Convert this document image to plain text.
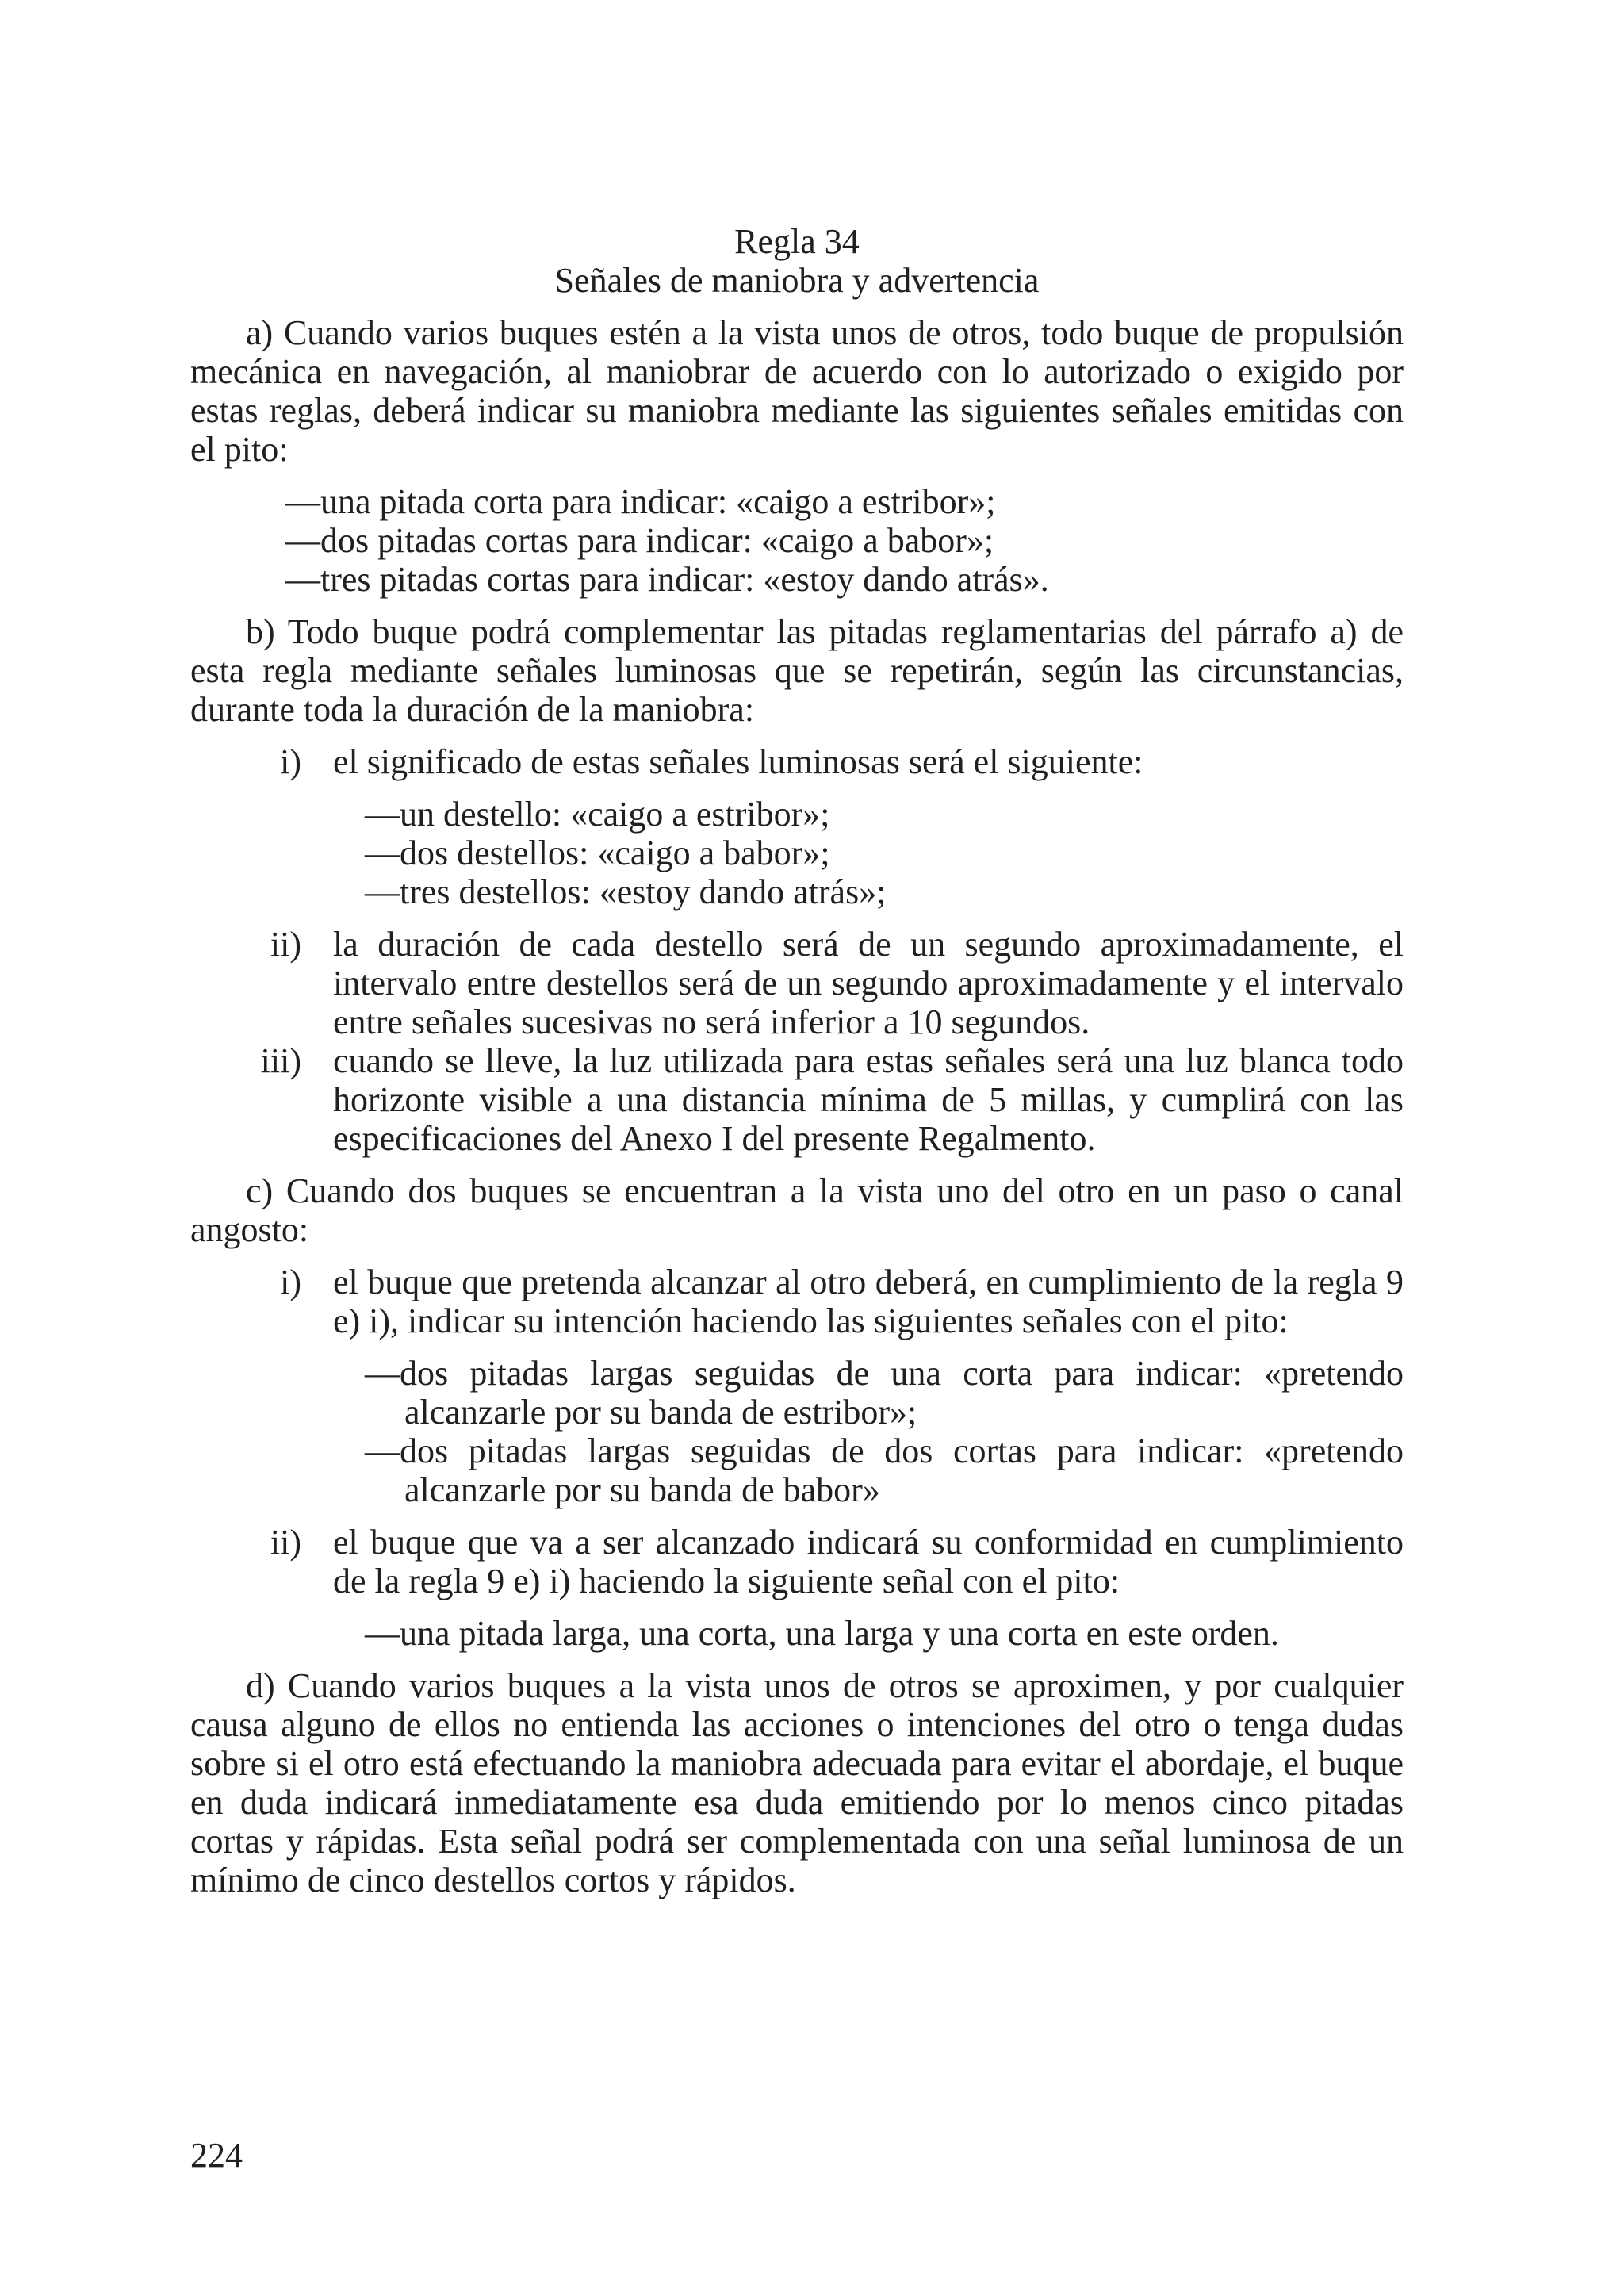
Regla 34

Señales de maniobra y advertencia

a) Cuando varios buques estén a la vista unos de otros, todo buque de propulsión mecánica en navegación, al maniobrar de acuerdo con lo autorizado o exigido por estas reglas, deberá indicar su maniobra mediante las siguientes señales emitidas con el pito:

—una pitada corta para indicar: «caigo a estribor»;

—dos pitadas cortas para indicar: «caigo a babor»;

—tres pitadas cortas para indicar: «estoy dando atrás».

b) Todo buque podrá complementar las pitadas reglamentarias del párrafo a) de esta regla mediante señales luminosas que se repetirán, según las circunstancias, durante toda la duración de la maniobra:

i) el significado de estas señales luminosas será el siguiente:

—un destello: «caigo a estribor»;

—dos destellos: «caigo a babor»;

—tres destellos: «estoy dando atrás»;

ii) la duración de cada destello será de un segundo aproximadamente, el intervalo entre destellos será de un segundo aproximadamente y el intervalo entre señales sucesivas no será inferior a 10 segundos.
iii) cuando se lleve, la luz utilizada para estas señales será una luz blanca todo horizonte visible a una distancia mínima de 5 millas, y cumplirá con las especificaciones del Anexo I del presente Regalmento.

c) Cuando dos buques se encuentran a la vista uno del otro en un paso o canal angosto:

i) el buque que pretenda alcanzar al otro deberá, en cumplimiento de la regla 9 e) i), indicar su intención haciendo las siguientes señales con el pito:

—dos pitadas largas seguidas de una corta para indicar: «pretendo alcanzarle por su banda de estribor»;

—dos pitadas largas seguidas de dos cortas para indicar: «pretendo alcanzarle por su banda de babor»

ii) el buque que va a ser alcanzado indicará su conformidad en cumplimiento de la regla 9 e) i) haciendo la siguiente señal con el pito:

—una pitada larga, una corta, una larga y una corta en este orden.

d) Cuando varios buques a la vista unos de otros se aproximen, y por cualquier causa alguno de ellos no entienda las acciones o intenciones del otro o tenga dudas sobre si el otro está efectuando la maniobra adecuada para evitar el abordaje, el buque en duda indicará inmediatamente esa duda emitiendo por lo menos cinco pitadas cortas y rápidas. Esta señal podrá ser complementada con una señal luminosa de un mínimo de cinco destellos cortos y rápidos.

224
